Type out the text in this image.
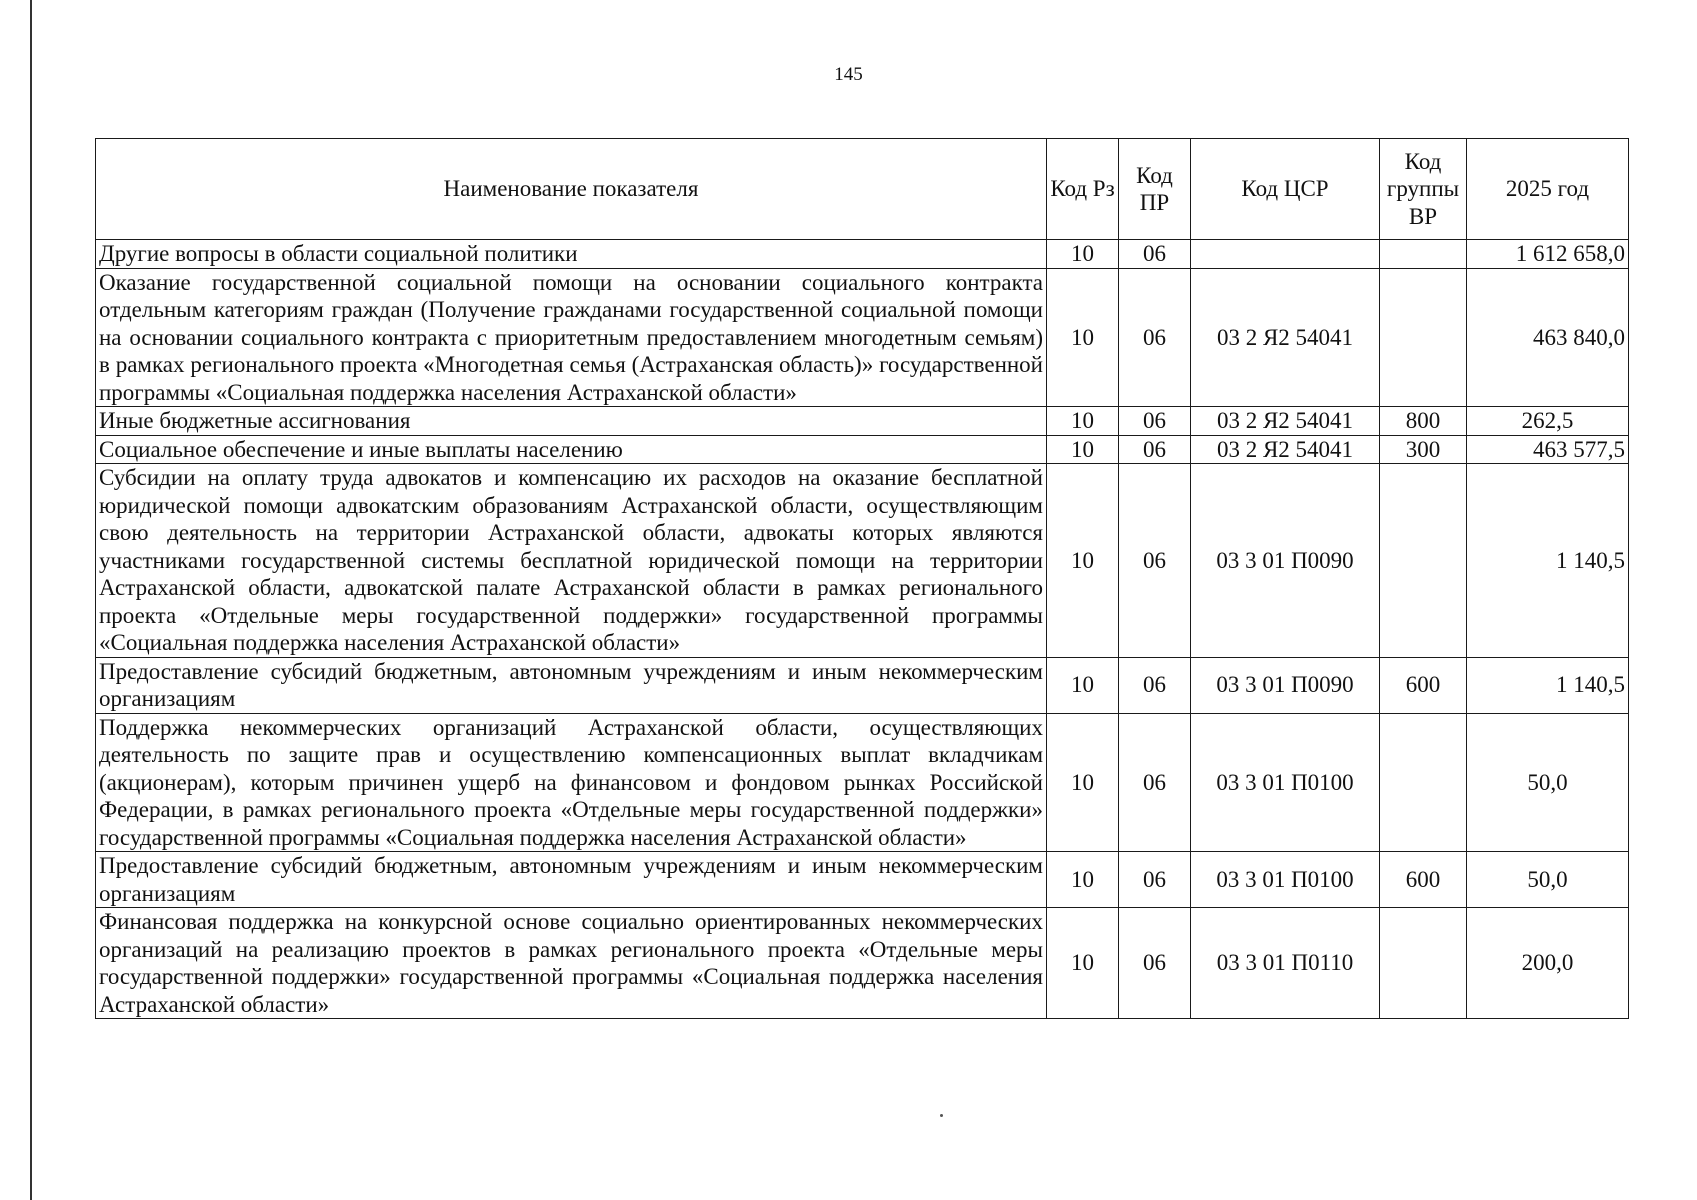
145
Наименование показателя	Код Рз	Код ПР	Код ЦСР	Код группы ВР	2025 год
Другие вопросы в области социальной политики	10	06			1 612 658,0
Оказание государственной социальной помощи на основании социального контракта отдельным категориям граждан (Получение гражданами государственной социальной помощи на основании социального контракта с приоритетным предоставлением многодетным семьям) в рамках регионального проекта «Многодетная семья (Астраханская область)» государственной программы «Социальная поддержка населения Астраханской области»	10	06	03 2 Я2 54041		463 840,0
Иные бюджетные ассигнования	10	06	03 2 Я2 54041	800	262,5
Социальное обеспечение и иные выплаты населению	10	06	03 2 Я2 54041	300	463 577,5
Субсидии на оплату труда адвокатов и компенсацию их расходов на оказание бесплатной юридической помощи адвокатским образованиям Астраханской области, осуществляющим свою деятельность на территории Астраханской области, адвокаты которых являются участниками государственной системы бесплатной юридической помощи на территории Астраханской области, адвокатской палате Астраханской области в рамках регионального проекта «Отдельные меры государственной поддержки» государственной программы «Социальная поддержка населения Астраханской области»	10	06	03 3 01 П0090		1 140,5
Предоставление субсидий бюджетным, автономным учреждениям и иным некоммерческим организациям	10	06	03 3 01 П0090	600	1 140,5
Поддержка некоммерческих организаций Астраханской области, осуществляющих деятельность по защите прав и осуществлению компенсационных выплат вкладчикам (акционерам), которым причинен ущерб на финансовом и фондовом рынках Российской Федерации, в рамках регионального проекта «Отдельные меры государственной поддержки» государственной программы «Социальная поддержка населения Астраханской области»	10	06	03 3 01 П0100		50,0
Предоставление субсидий бюджетным, автономным учреждениям и иным некоммерческим организациям	10	06	03 3 01 П0100	600	50,0
Финансовая поддержка на конкурсной основе социально ориентированных некоммерческих организаций на реализацию проектов в рамках регионального проекта «Отдельные меры государственной поддержки» государственной программы «Социальная поддержка населения Астраханской области»	10	06	03 3 01 П0110		200,0
